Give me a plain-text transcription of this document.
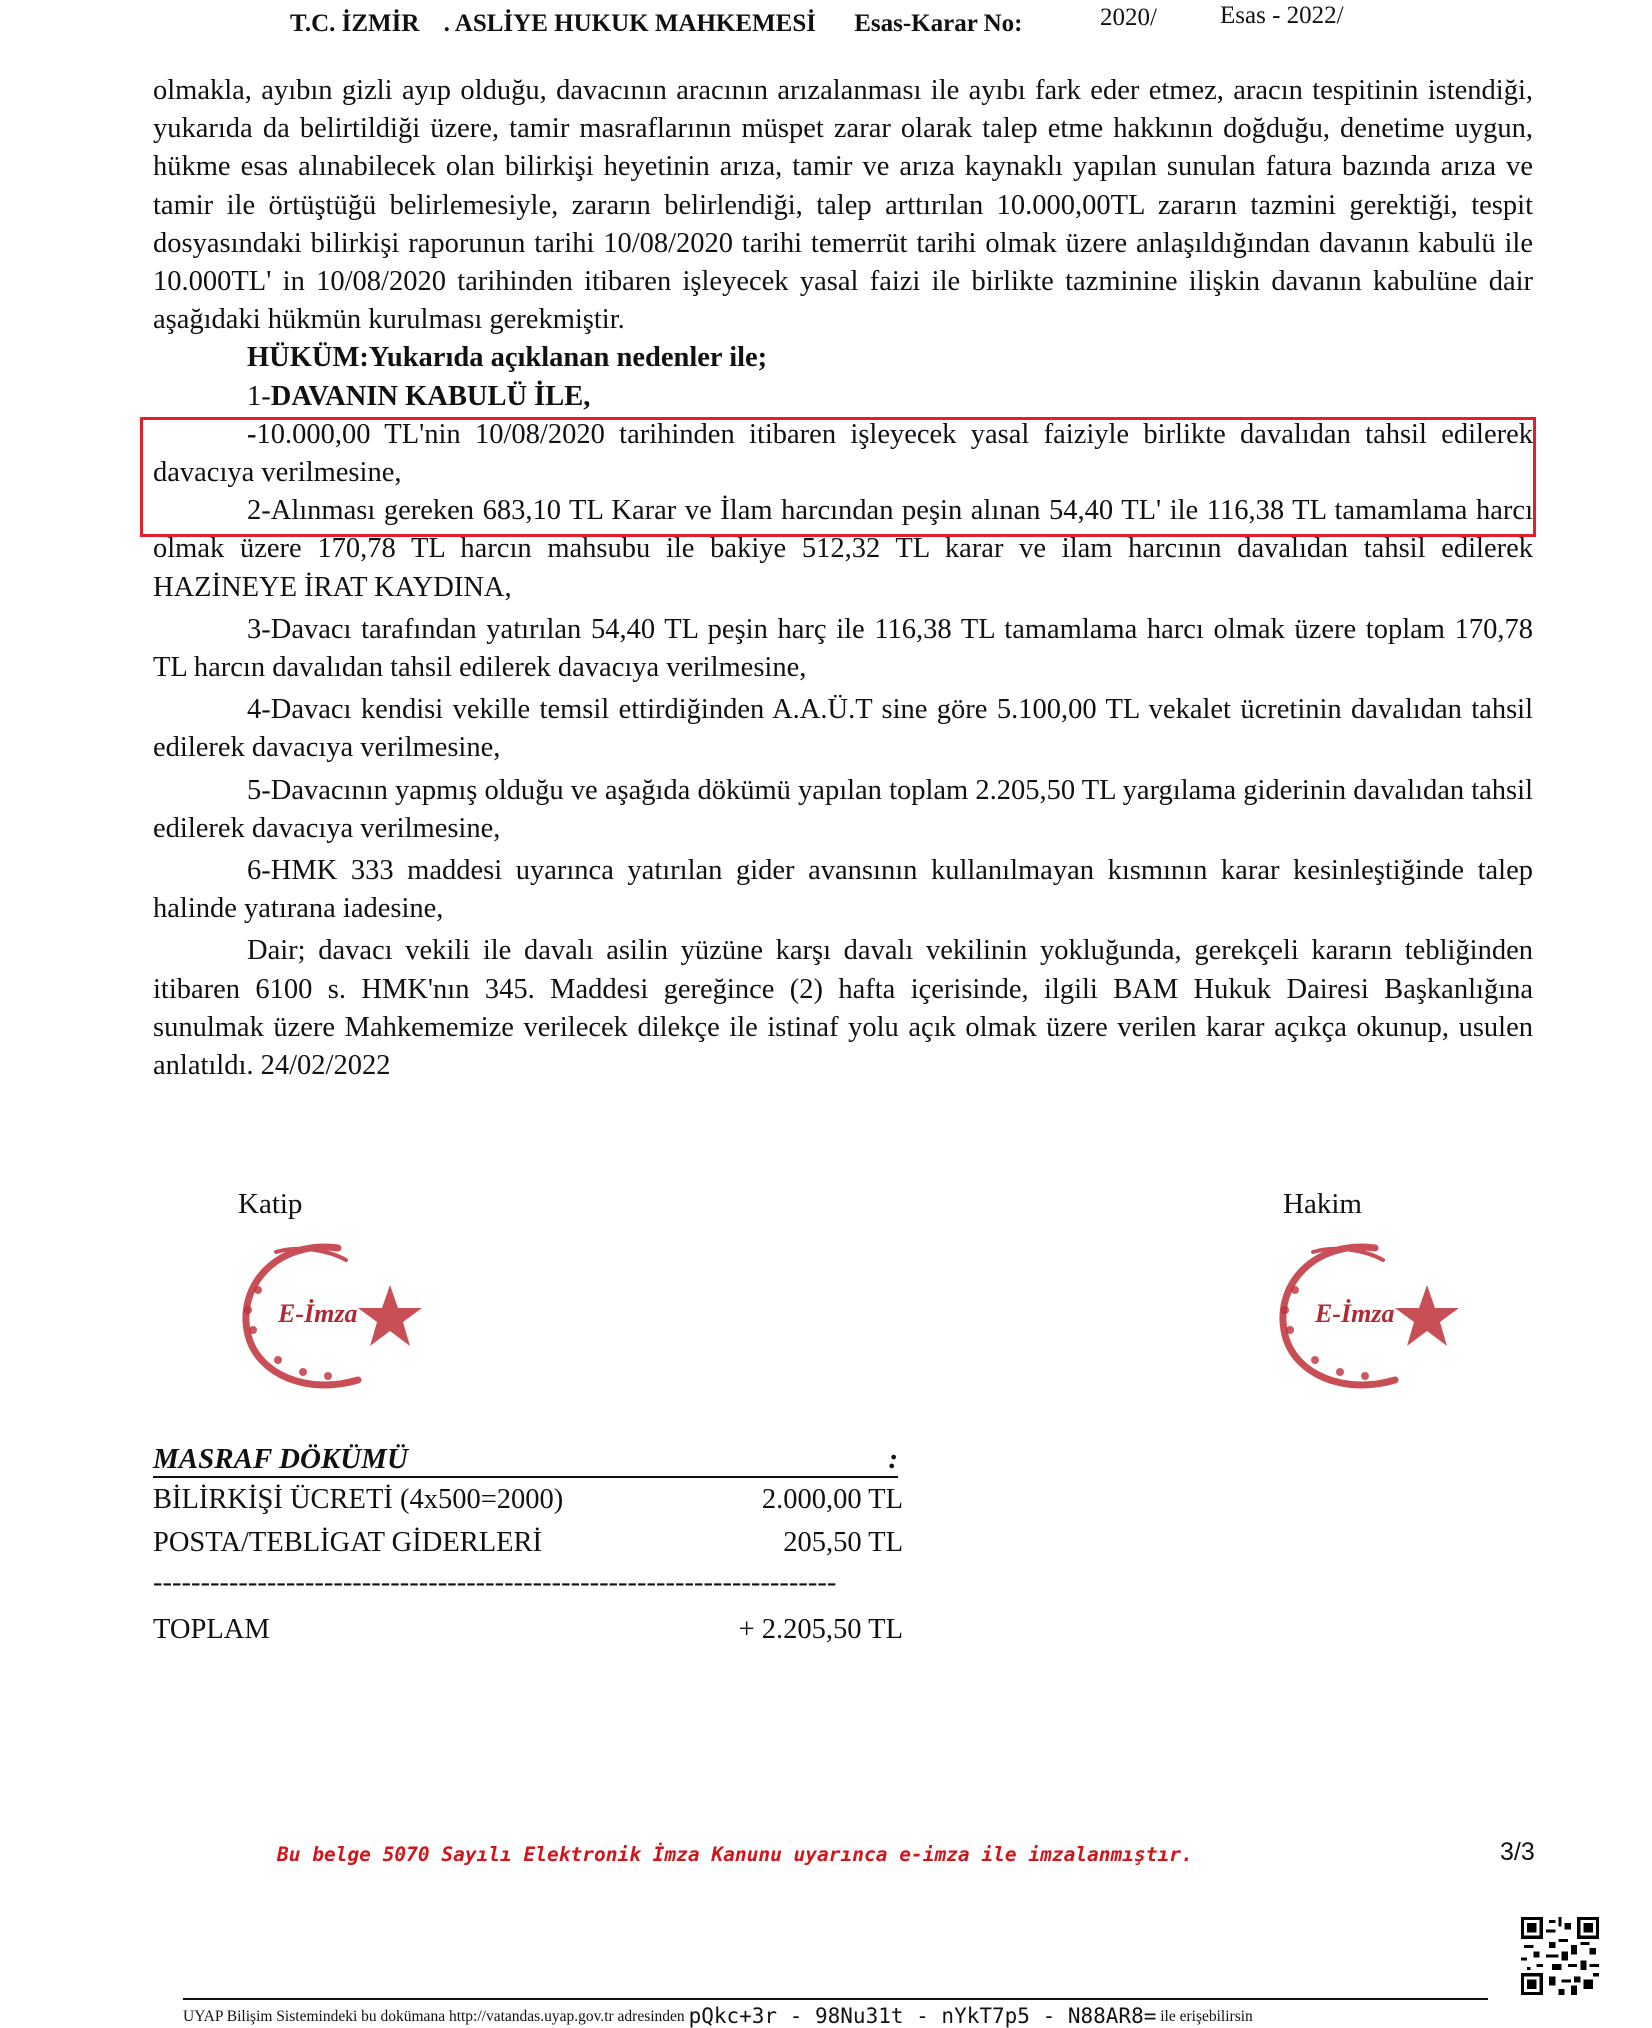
T.C. İZMİR . ASLİYE HUKUK MAHKEMESİ Esas-Karar No:	2020/	Esas - 2022/

olmakla, ayıbın gizli ayıp olduğu, davacının aracının arızalanması ile ayıbı fark eder etmez, aracın tespitinin istendiği, yukarıda da belirtildiği üzere, tamir masraflarının müspet zarar olarak talep etme hakkının doğduğu, denetime uygun, hükme esas alınabilecek olan bilirkişi heyetinin arıza, tamir ve arıza kaynaklı yapılan sunulan fatura bazında arıza ve tamir ile örtüştüğü belirlemesiyle, zararın belirlendiği, talep arttırılan 10.000,00TL zararın tazmini gerektiği, tespit dosyasındaki bilirkişi raporunun tarihi 10/08/2020 tarihi temerrüt tarihi olmak üzere anlaşıldığından davanın kabulü ile 10.000TL' in 10/08/2020 tarihinden itibaren işleyecek yasal faizi ile birlikte tazminine ilişkin davanın kabulüne dair aşağıdaki hükmün kurulması gerekmiştir.

HÜKÜM:Yukarıda açıklanan nedenler ile;

1-DAVANIN KABULÜ İLE,

-10.000,00 TL'nin 10/08/2020 tarihinden itibaren işleyecek yasal faiziyle birlikte davalıdan tahsil edilerek davacıya verilmesine,

2-Alınması gereken 683,10 TL Karar ve İlam harcından peşin alınan 54,40 TL' ile 116,38 TL tamamlama harcı olmak üzere 170,78 TL harcın mahsubu ile bakiye 512,32 TL karar ve ilam harcının davalıdan tahsil edilerek HAZİNEYE İRAT KAYDINA,

3-Davacı tarafından yatırılan 54,40 TL peşin harç ile 116,38 TL tamamlama harcı olmak üzere toplam 170,78 TL harcın davalıdan tahsil edilerek davacıya verilmesine,

4-Davacı kendisi vekille temsil ettirdiğinden A.A.Ü.T sine göre 5.100,00 TL vekalet ücretinin davalıdan tahsil edilerek davacıya verilmesine,

5-Davacının yapmış olduğu ve aşağıda dökümü yapılan toplam 2.205,50 TL yargılama giderinin davalıdan tahsil edilerek davacıya verilmesine,

6-HMK 333 maddesi uyarınca yatırılan gider avansının kullanılmayan kısmının karar kesinleştiğinde talep halinde yatırana iadesine,

Dair; davacı vekili ile davalı asilin yüzüne karşı davalı vekilinin yokluğunda, gerekçeli kararın tebliğinden itibaren 6100 s. HMK'nın 345. Maddesi gereğince (2) hafta içerisinde, ilgili BAM Hukuk Dairesi Başkanlığına sunulmak üzere Mahkememize verilecek dilekçe ile istinaf yolu açık olmak üzere verilen karar açıkça okunup, usulen anlatıldı. 24/02/2022

Katip	Hakim
E-İmza	E-İmza
MASRAF DÖKÜMÜ	:
BİLİRKİŞİ ÜCRETİ (4x500=2000)	2.000,00 TL
POSTA/TEBLİGAT GİDERLERİ	205,50 TL
------------------------------------------------------------------------
TOPLAM	+ 2.205,50 TL
Bu belge 5070 Sayılı Elektronik İmza Kanunu uyarınca e-imza ile imzalanmıştır.	3/3
UYAP Bilişim Sistemindeki bu dokümana http://vatandas.uyap.gov.tr adresinden pQkc+3r - 98Nu31t - nYkT7p5 - N88AR8= ile erişebilirsin
